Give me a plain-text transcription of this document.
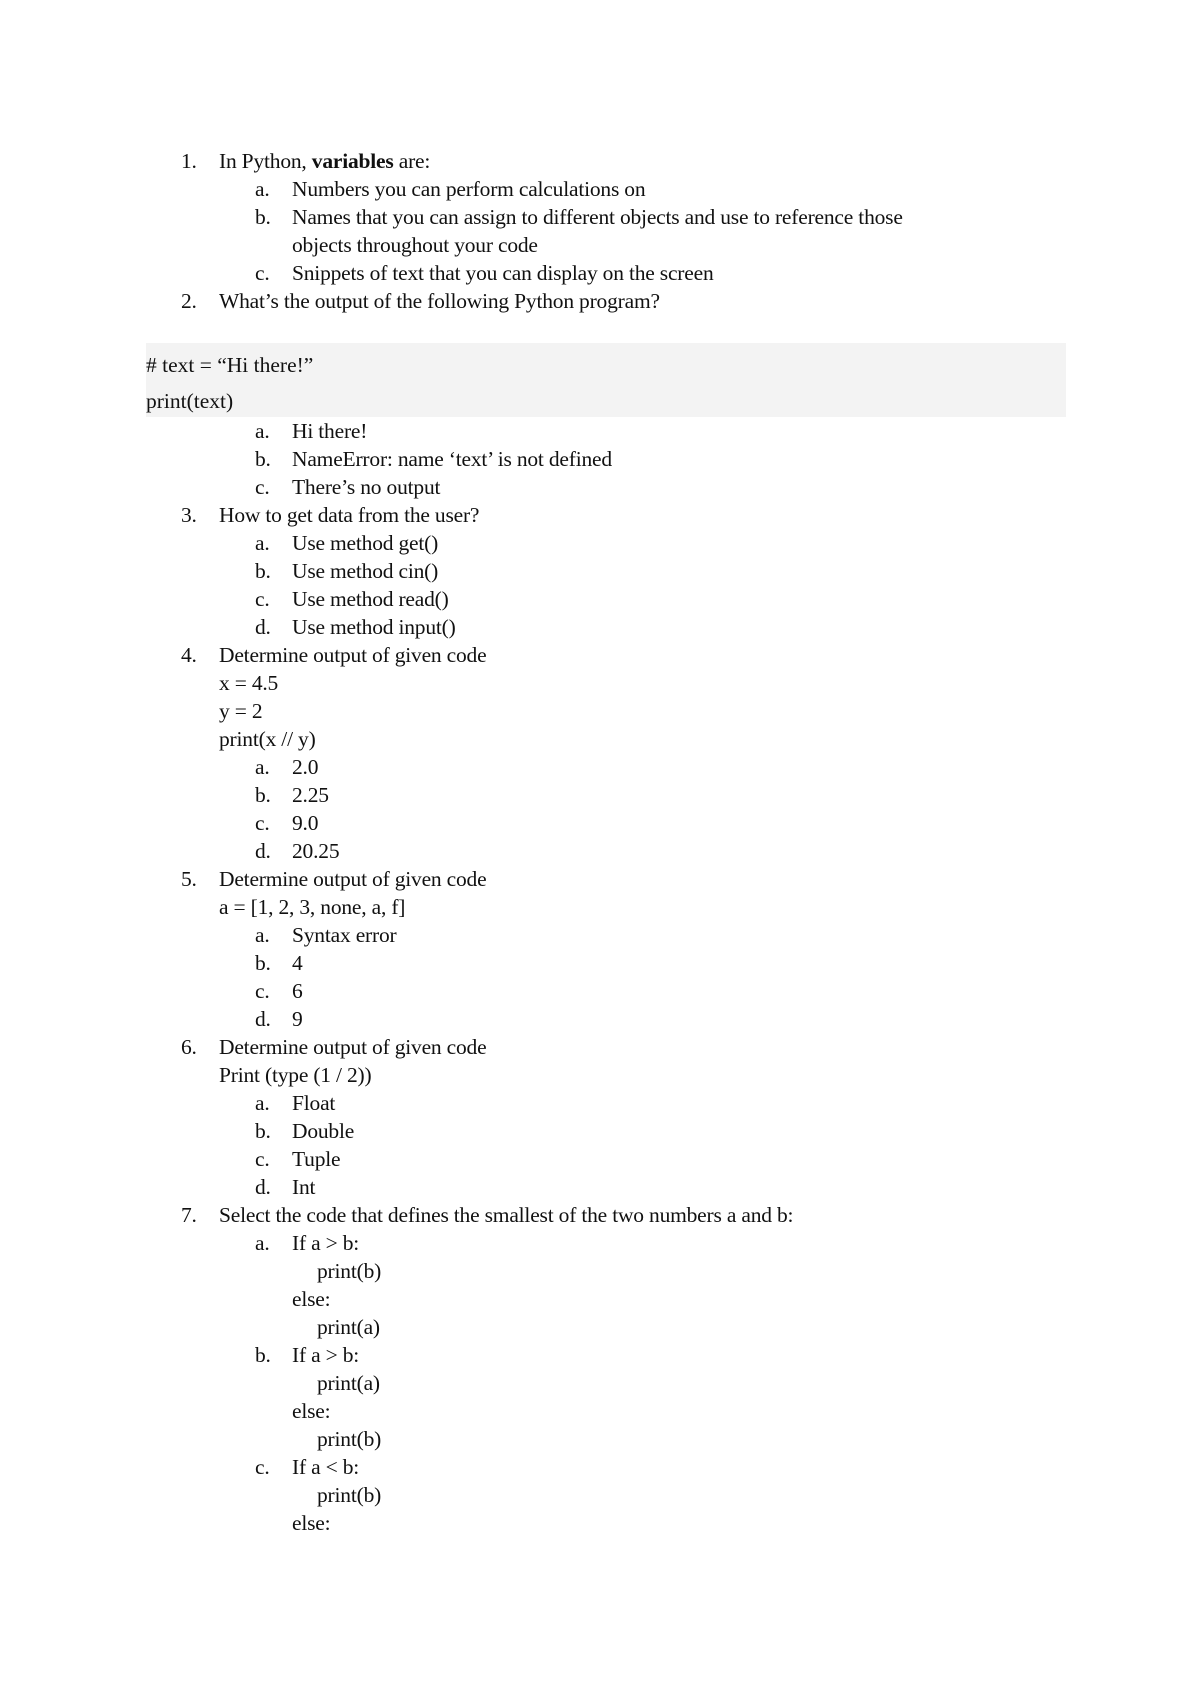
1. In Python, variables are:
a. Numbers you can perform calculations on
b. Names that you can assign to different objects and use to reference those
objects throughout your code
c. Snippets of text that you can display on the screen
2. What’s the output of the following Python program?
# text = “Hi there!”
print(text)
a. Hi there!
b. NameError: name ‘text’ is not defined
c. There’s no output
3. How to get data from the user?
a. Use method get()
b. Use method cin()
c. Use method read()
d. Use method input()
4. Determine output of given code
x = 4.5
y = 2
print(x // y)
a. 2.0
b. 2.25
c. 9.0
d. 20.25
5. Determine output of given code
a = [1, 2, 3, none, a, f]
a. Syntax error
b. 4
c. 6
d. 9
6. Determine output of given code
Print (type (1 / 2))
a. Float
b. Double
c. Tuple
d. Int
7. Select the code that defines the smallest of the two numbers a and b:
a. If a > b:
print(b)
else:
print(a)
b. If a > b:
print(a)
else:
print(b)
c. If a < b:
print(b)
else:
